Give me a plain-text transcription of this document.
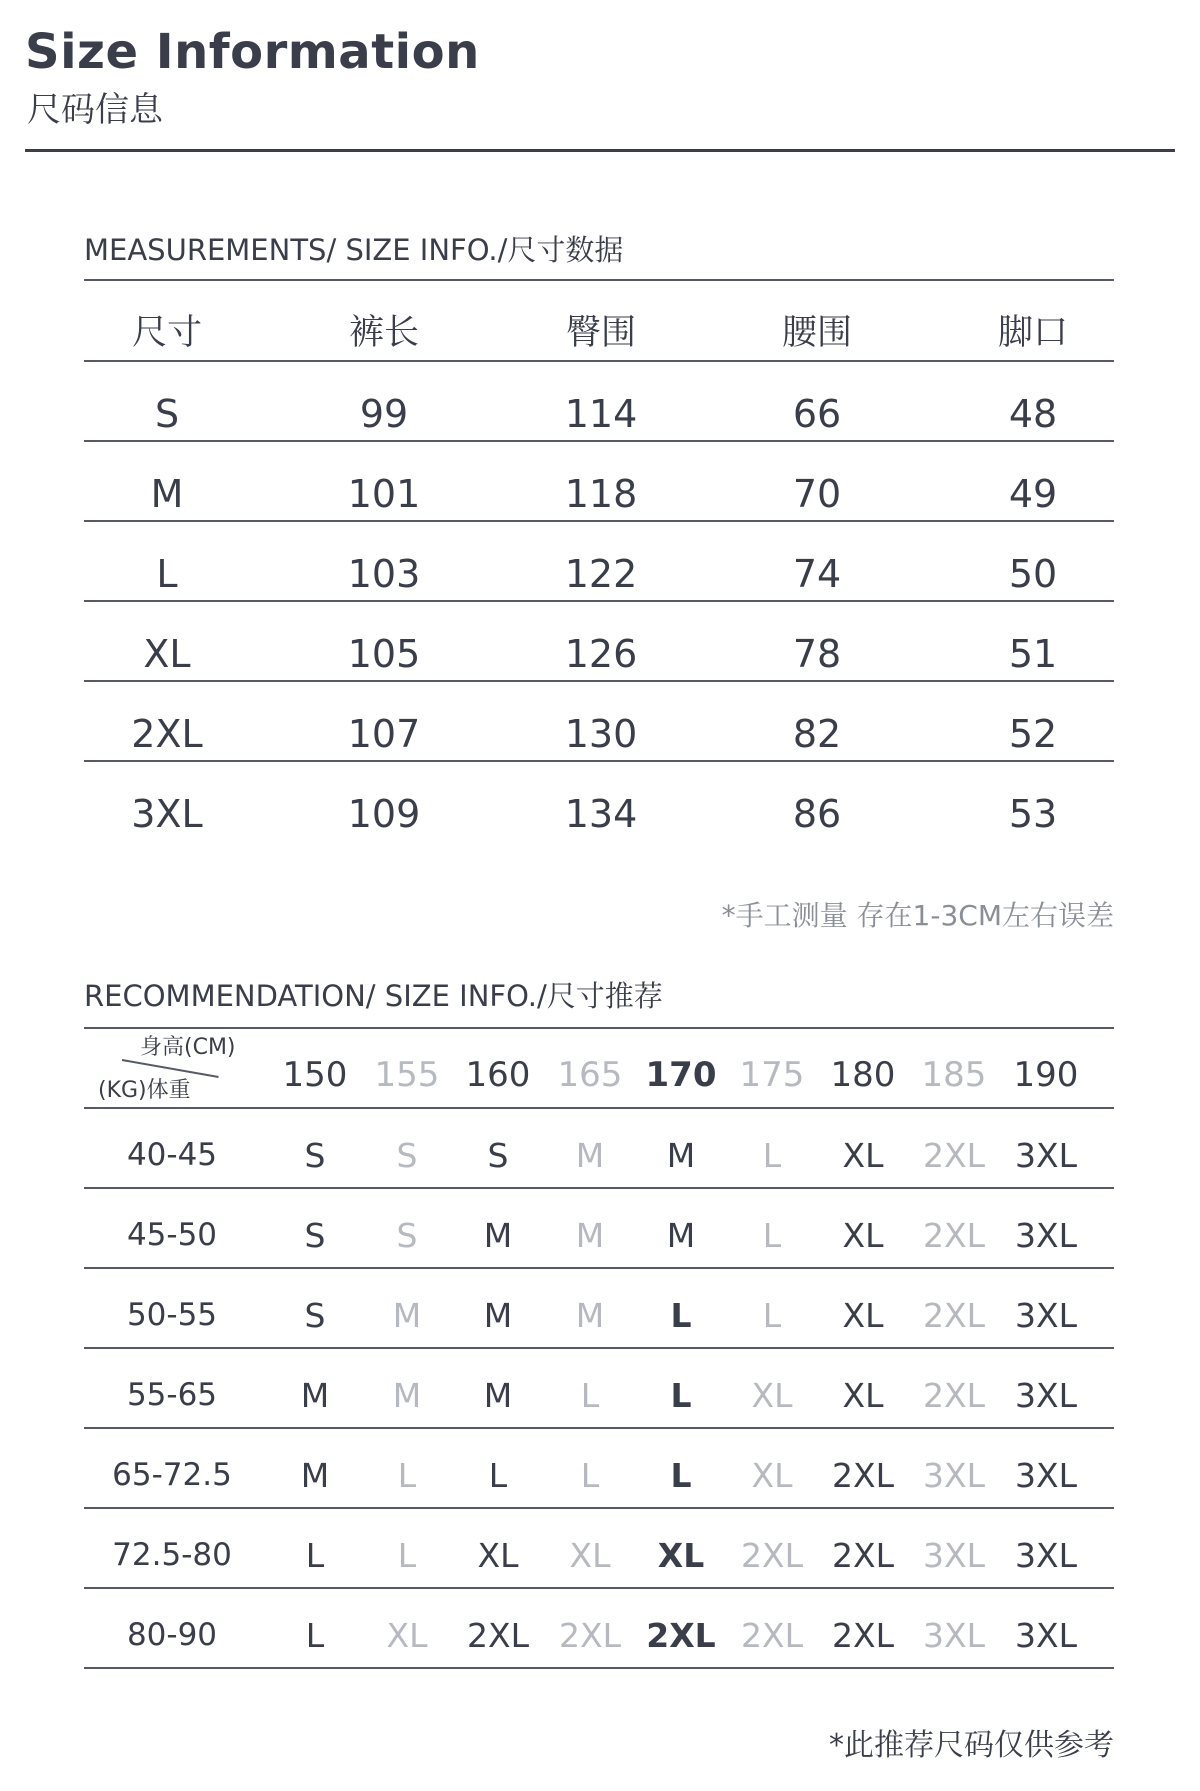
Size Information
尺码信息
MEASUREMENTS/ SIZE INFO./尺寸数据
尺寸	裤长	臀围	腰围	脚口
S	99	114	66	48
M	101	118	70	49
L	103	122	74	50
XL	105	126	78	51
2XL	107	130	82	52
3XL	109	134	86	53
*手工测量 存在1-3CM左右误差
RECOMMENDATION/ SIZE INFO./尺寸推荐
身高(CM)
(KG)体重	150 155 160 165 170 175 180 185 190
40-45	S S S M M L XL 2XL 3XL
45-50	S S M M M L XL 2XL 3XL
50-55	S M M M L L XL 2XL 3XL
55-65	M M M L L XL XL 2XL 3XL
65-72.5 M L L L L XL 2XL 3XL 3XL
72.5-80 L L XL XL XL 2XL 2XL 3XL 3XL
80-90	L XL 2XL 2XL 2XL 2XL 2XL 3XL 3XL
*此推荐尺码仅供参考
